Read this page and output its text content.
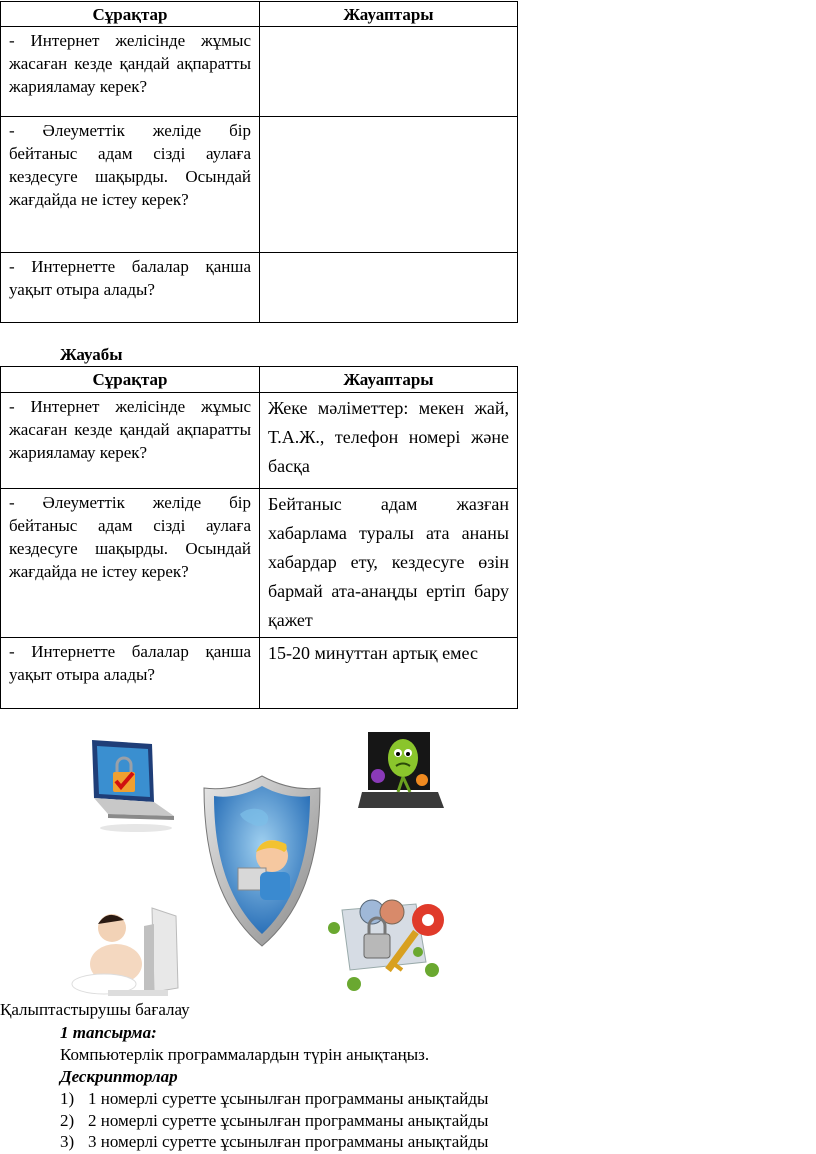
Сұрақтар	Жауаптары
- Интернет желісінде жұмыс жасаған кезде қандай ақпаратты жарияламау керек?	
- Әлеуметтік желіде бір бейтаныс адам сізді аулаға кездесуге шақырды. Осындай жағдайда не істеу керек?	
- Интернетте балалар қанша уақыт отыра алады?	
Жауабы
Сұрақтар	Жауаптары
- Интернет желісінде жұмыс жасаған кезде қандай ақпаратты жарияламау керек?	Жеке мәліметтер: мекен жай, Т.А.Ж., телефон номері және басқа
- Әлеуметтік желіде бір бейтаныс адам сізді аулаға кездесуге шақырды. Осындай жағдайда не істеу керек?	Бейтаныс адам жазған хабарлама туралы ата ананы хабардар ету, кездесуге өзін бармай ата-анаңды ертіп бару қажет
- Интернетте балалар қанша уақыт отыра алады?	15-20 минуттан артық емес
Қалыптастырушы бағалау
1 тапсырма:
Компьютерлік программалардын түрін анықтаңыз.
Дескрипторлар
1) 1 номерлі суретте ұсынылған программаны анықтайды
2) 2 номерлі суретте ұсынылған программаны анықтайды
3) 3 номерлі суретте ұсынылған программаны анықтайды
